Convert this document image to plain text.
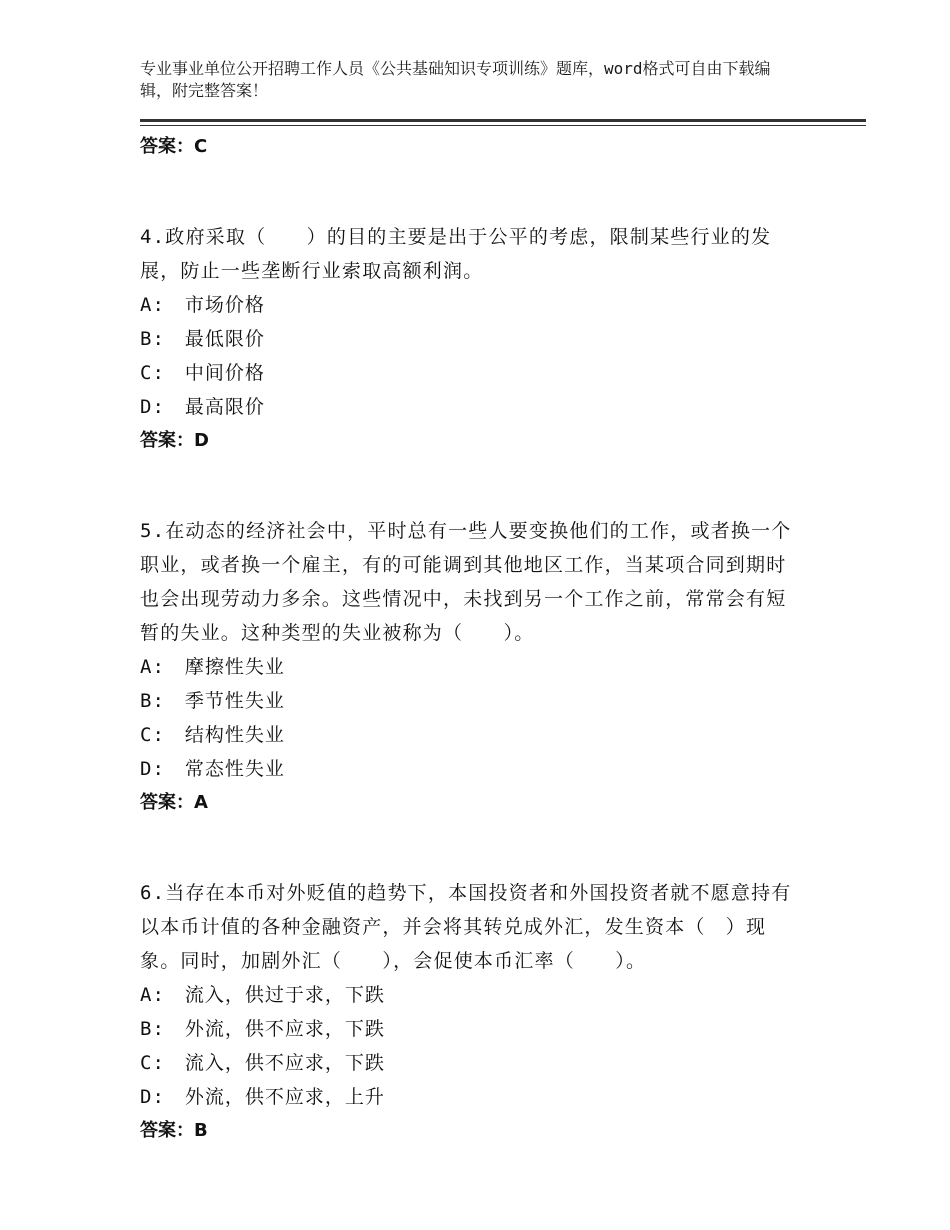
专业事业单位公开招聘工作人员《公共基础知识专项训练》题库，word格式可自由下载编辑，附完整答案！
答案：C
4.政府采取（　　）的目的主要是出于公平的考虑，限制某些行业的发展，防止一些垄断行业索取高额利润。
A:　市场价格
B:　最低限价
C:　中间价格
D:　最高限价
答案：D
5.在动态的经济社会中，平时总有一些人要变换他们的工作，或者换一个职业，或者换一个雇主，有的可能调到其他地区工作，当某项合同到期时也会出现劳动力多余。这些情况中，未找到另一个工作之前，常常会有短暂的失业。这种类型的失业被称为（　　）。
A:　摩擦性失业
B:　季节性失业
C:　结构性失业
D:　常态性失业
答案：A
6.当存在本币对外贬值的趋势下，本国投资者和外国投资者就不愿意持有以本币计值的各种金融资产，并会将其转兑成外汇，发生资本（　）现象。同时，加剧外汇（　　），会促使本币汇率（　　）。
A:　流入，供过于求，下跌
B:　外流，供不应求，下跌
C:　流入，供不应求，下跌
D:　外流，供不应求，上升
答案：B
